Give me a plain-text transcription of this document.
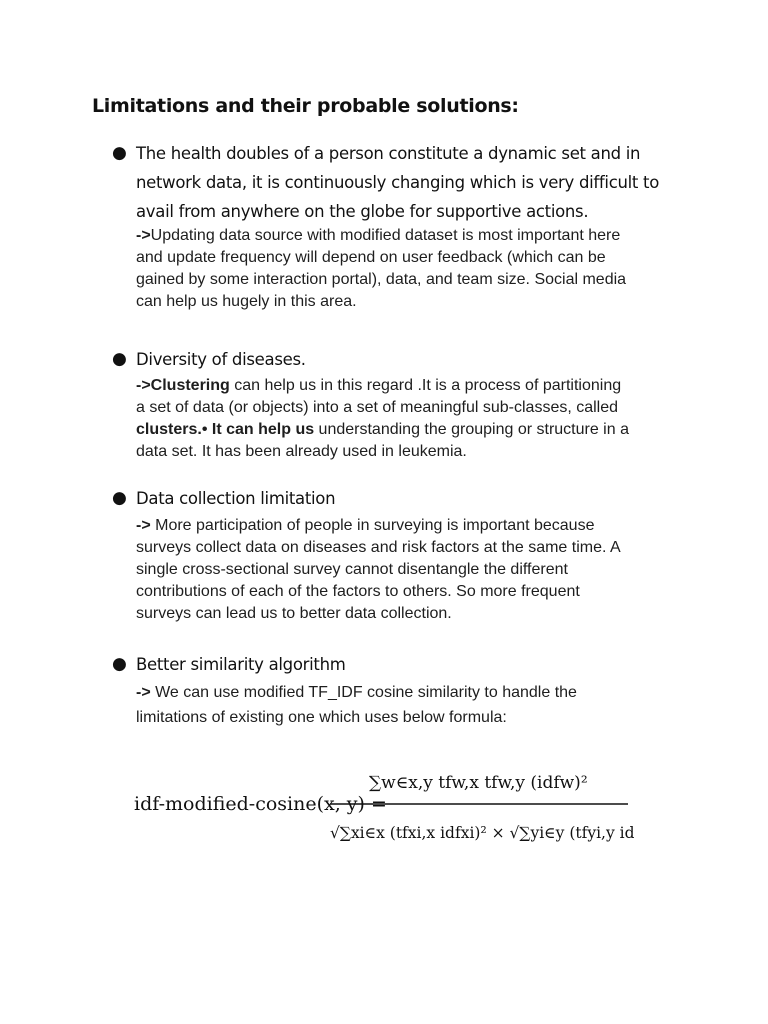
Limitations and their probable solutions:
● The health doubles of a person constitute a dynamic set and in
network data, it is continuously changing which is very difficult to
avail from anywhere on the globe for supportive actions.
->Updating data source with modified dataset is most important here
and update frequency will depend on user feedback (which can be
gained by some interaction portal), data, and team size. Social media
can help us hugely in this area.
● Diversity of diseases.
->Clustering can help us in this regard .It is a process of partitioning
a set of data (or objects) into a set of meaningful sub-classes, called
clusters.• It can help us understanding the grouping or structure in a
data set. It has been already used in leukemia.
● Data collection limitation
-> More participation of people in surveying is important because
surveys collect data on diseases and risk factors at the same time. A
single cross-sectional survey cannot disentangle the different
contributions of each of the factors to others. So more frequent
surveys can lead us to better data collection.
● Better similarity algorithm
-> We can use modified TF_IDF cosine similarity to handle the
limitations of existing one which uses below formula:
idf-modified-cosine(x, y) =
∑w∈x,y tfw,x tfw,y (idfw)²
√∑xi∈x (tfxi,x idfxi)² × √∑yi∈y (tfyi,y idfyi)²
